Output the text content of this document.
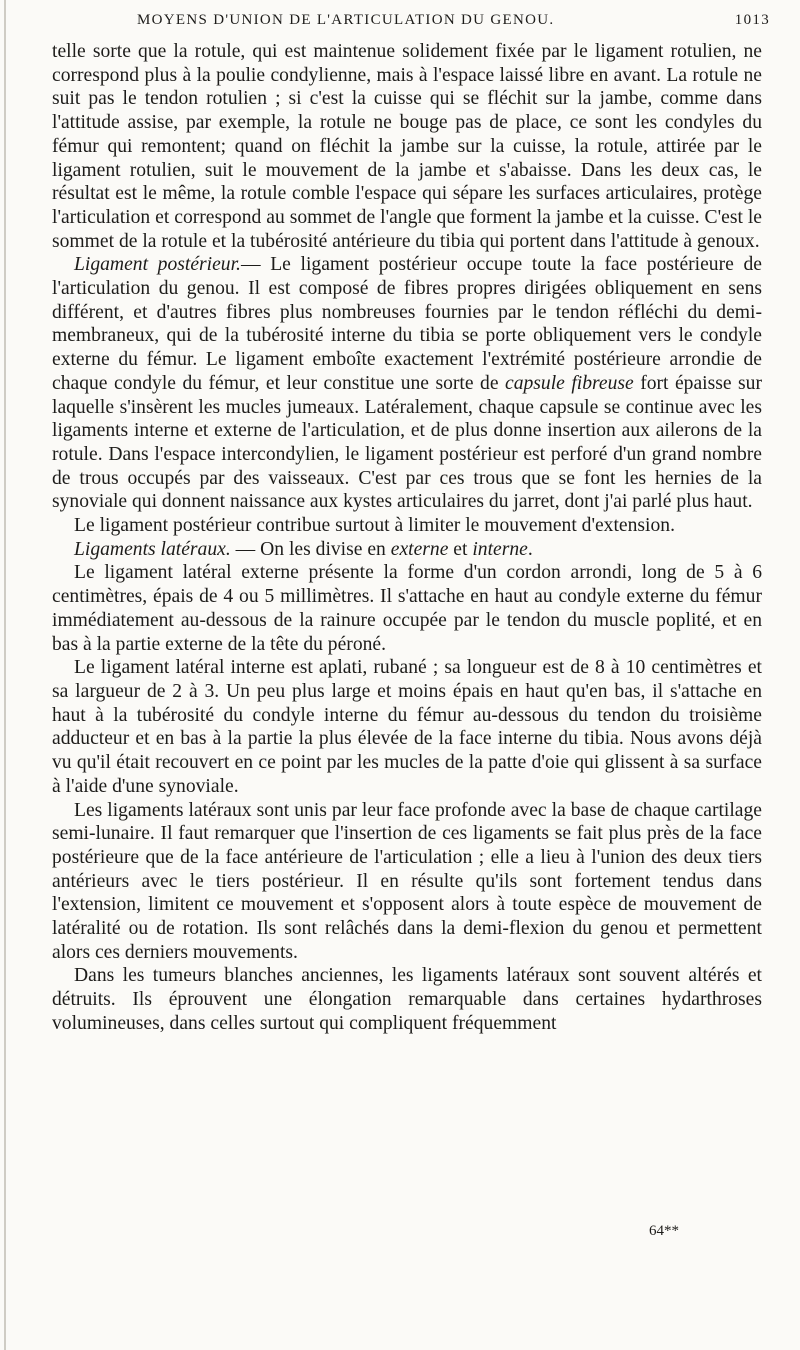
MOYENS D'UNION DE L'ARTICULATION DU GENOU.	1013

telle sorte que la rotule, qui est maintenue solidement fixée par le ligament rotulien, ne correspond plus à la poulie condylienne, mais à l'espace laissé libre en avant. La rotule ne suit pas le tendon rotulien ; si c'est la cuisse qui se fléchit sur la jambe, comme dans l'attitude assise, par exemple, la rotule ne bouge pas de place, ce sont les condyles du fémur qui remontent; quand on fléchit la jambe sur la cuisse, la rotule, attirée par le ligament rotulien, suit le mouvement de la jambe et s'abaisse. Dans les deux cas, le résultat est le même, la rotule comble l'espace qui sépare les surfaces articulaires, protège l'articulation et correspond au sommet de l'angle que forment la jambe et la cuisse. C'est le sommet de la rotule et la tubérosité antérieure du tibia qui portent dans l'attitude à genoux.

Ligament postérieur.— Le ligament postérieur occupe toute la face postérieure de l'articulation du genou. Il est composé de fibres propres dirigées obliquement en sens différent, et d'autres fibres plus nombreuses fournies par le tendon réfléchi du demi-membraneux, qui de la tubérosité interne du tibia se porte obliquement vers le condyle externe du fémur. Le ligament emboîte exactement l'extrémité postérieure arrondie de chaque condyle du fémur, et leur constitue une sorte de capsule fibreuse fort épaisse sur laquelle s'insèrent les mucles jumeaux. Latéralement, chaque capsule se continue avec les ligaments interne et externe de l'articulation, et de plus donne insertion aux ailerons de la rotule. Dans l'espace intercondylien, le ligament postérieur est perforé d'un grand nombre de trous occupés par des vaisseaux. C'est par ces trous que se font les hernies de la synoviale qui donnent naissance aux kystes articulaires du jarret, dont j'ai parlé plus haut.

Le ligament postérieur contribue surtout à limiter le mouvement d'extension.

Ligaments latéraux. — On les divise en externe et interne.

Le ligament latéral externe présente la forme d'un cordon arrondi, long de 5 à 6 centimètres, épais de 4 ou 5 millimètres. Il s'attache en haut au condyle externe du fémur immédiatement au-dessous de la rainure occupée par le tendon du muscle poplité, et en bas à la partie externe de la tête du péroné.

Le ligament latéral interne est aplati, rubané ; sa longueur est de 8 à 10 centimètres et sa largueur de 2 à 3. Un peu plus large et moins épais en haut qu'en bas, il s'attache en haut à la tubérosité du condyle interne du fémur au-dessous du tendon du troisième adducteur et en bas à la partie la plus élevée de la face interne du tibia. Nous avons déjà vu qu'il était recouvert en ce point par les mucles de la patte d'oie qui glissent à sa surface à l'aide d'une synoviale.

Les ligaments latéraux sont unis par leur face profonde avec la base de chaque cartilage semi-lunaire. Il faut remarquer que l'insertion de ces ligaments se fait plus près de la face postérieure que de la face antérieure de l'articulation ; elle a lieu à l'union des deux tiers antérieurs avec le tiers postérieur. Il en résulte qu'ils sont fortement tendus dans l'extension, limitent ce mouvement et s'opposent alors à toute espèce de mouvement de latéralité ou de rotation. Ils sont relâchés dans la demi-flexion du genou et permettent alors ces derniers mouvements.

Dans les tumeurs blanches anciennes, les ligaments latéraux sont souvent altérés et détruits. Ils éprouvent une élongation remarquable dans certaines hydarthroses volumineuses, dans celles surtout qui compliquent fréquemment

64**
